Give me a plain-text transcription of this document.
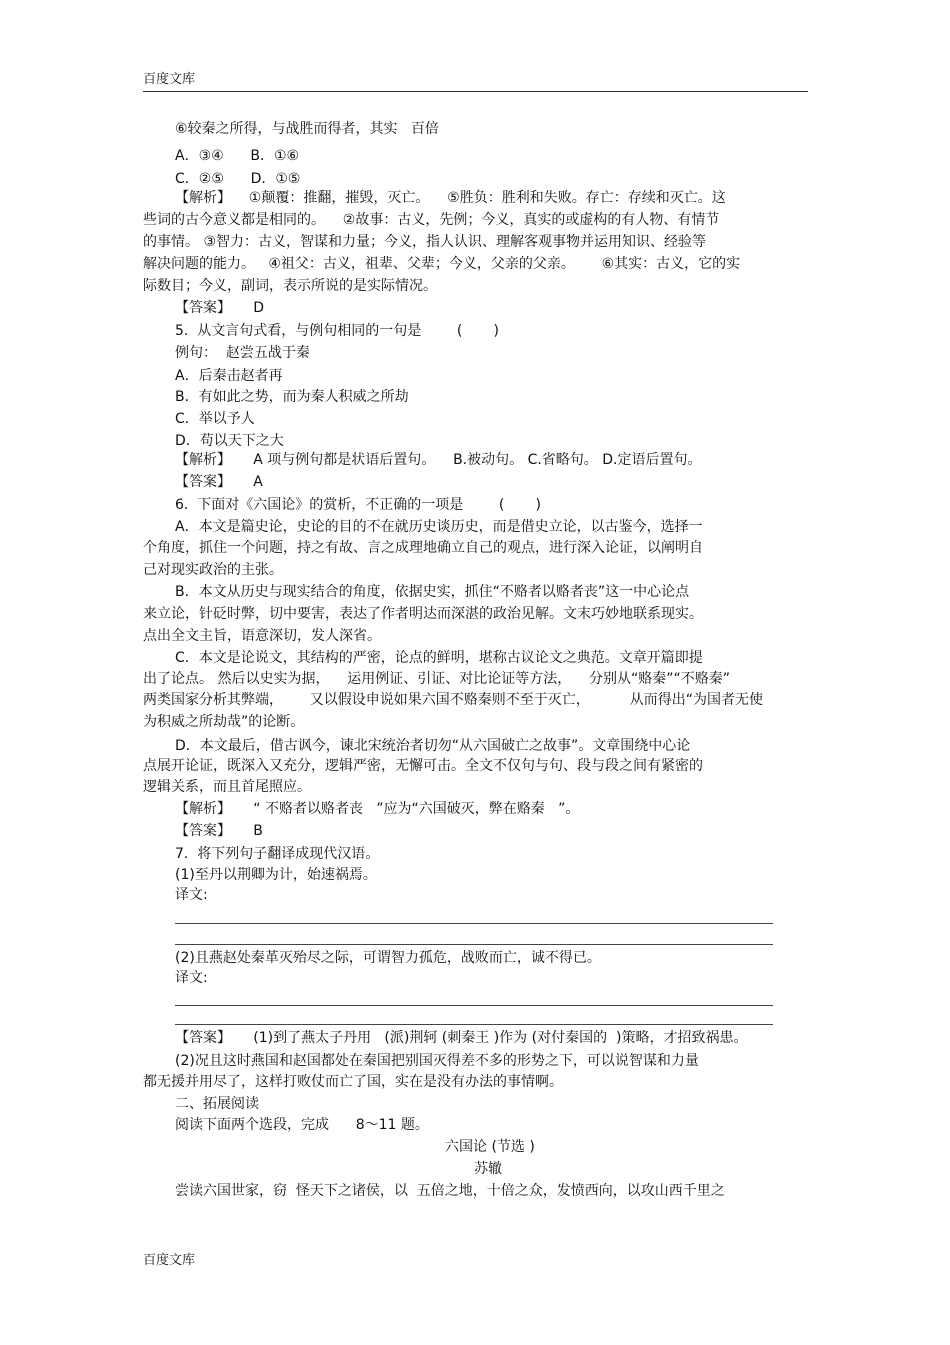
百度文库
⑥较秦之所得，与战胜而得者，其实   百倍
A．③④      B．①⑥
C．②⑤      D．①⑤
【解析】    ①颠覆：推翻，摧毁，灭亡。    ⑤胜负：胜利和失败。存亡：存续和灭亡。这
些词的古今意义都是相同的。    ②故事：古义，先例；今义，真实的或虚构的有人物、有情节
的事情。 ③智力：古义，智谋和力量；今义，指人认识、理解客观事物并运用知识、经验等
解决问题的能力。   ④祖父：古义，祖辈、父辈；今义，父亲的父亲。      ⑥其实：古义，它的实
际数目；今义，副词，表示所说的是实际情况。
【答案】     D
5.  从文言句式看，与例句相同的一句是        (       )
例句：  赵尝五战于秦
A．后秦击赵者再
B．有如此之势，而为秦人积威之所劫
C．举以予人
D．苟以天下之大
【解析】     A 项与例句都是状语后置句。    B.被动句。 C.省略句。 D.定语后置句。
【答案】     A
6.  下面对《六国论》的赏析，不正确的一项是        (       )
A．本文是篇史论，史论的目的不在就历史谈历史，而是借史立论，以古鉴今，选择一
个角度，抓住一个问题，持之有故、言之成理地确立自己的观点，进行深入论证，以阐明自
己对现实政治的主张。
B．本文从历史与现实结合的角度，依据史实，抓住“不赂者以赂者丧”这一中心论点
来立论，针砭时弊，切中要害，表达了作者明达而深湛的政治见解。文末巧妙地联系现实。
点出全文主旨，语意深切，发人深省。
C．本文是论说文，其结构的严密，论点的鲜明，堪称古议论文之典范。文章开篇即提
出了论点。 然后以史实为据，    运用例证、引证、对比论证等方法，    分别从“赂秦”“不赂秦”
两类国家分析其弊端，      又以假设申说如果六国不赂秦则不至于灭亡，         从而得出“为国者无使
为积威之所劫哉”的论断。
D．本文最后，借古讽今，谏北宋统治者切勿“从六国破亡之故事”。文章围绕中心论
点展开论证，既深入又充分，逻辑严密，无懈可击。全文不仅句与句、段与段之间有紧密的
逻辑关系，而且首尾照应。
【解析】     “ 不赂者以赂者丧   ”应为“六国破灭，弊在赂秦   ”。
【答案】     B
7.  将下列句子翻译成现代汉语。
(1)至丹以荆卿为计，始速祸焉。
译文:
(2)且燕赵处秦革灭殆尽之际，可谓智力孤危，战败而亡，诚不得已。
译文:
【答案】     (1)到了燕太子丹用   (派)荆轲 (刺秦王 )作为 (对付秦国的  )策略，才招致祸患。
(2)况且这时燕国和赵国都处在秦国把别国灭得差不多的形势之下，可以说智谋和力量
都无援并用尽了，这样打败仗而亡了国，实在是没有办法的事情啊。
二、拓展阅读
阅读下面两个选段，完成      8～11 题。
六国论 (节选 )
苏辙
尝读六国世家，窃  怪天下之诸侯，以  五倍之地，十倍之众，发愤西向，以攻山西千里之
百度文库
